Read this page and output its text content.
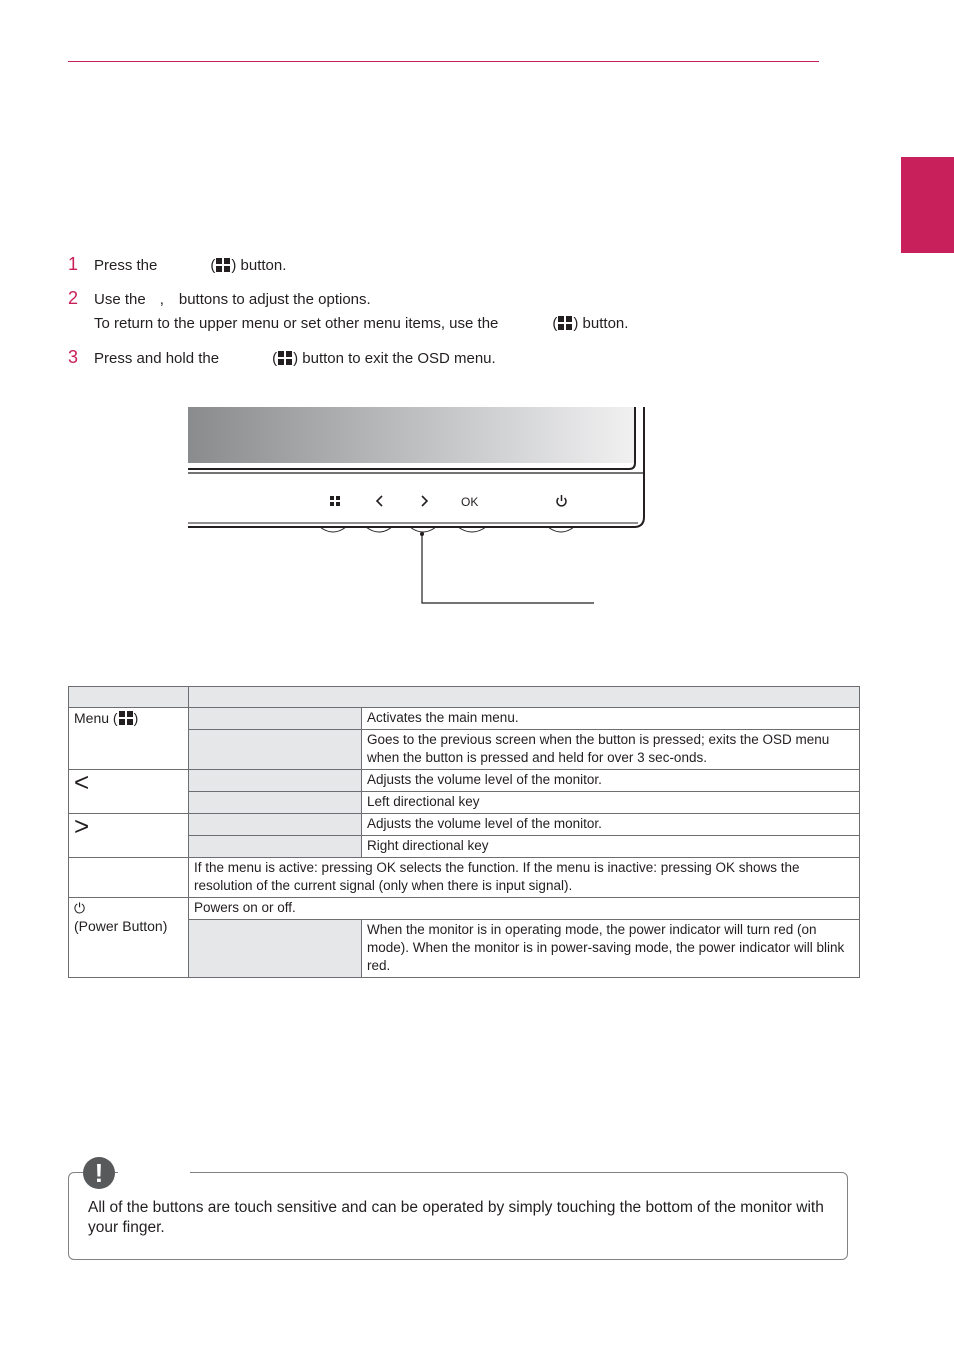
1 Press the	( ) button.
2 Use the , buttons to adjust the options.
To return to the upper menu or set other menu items, use the	( ) button.
3 Press and hold the	( ) button to exit the OSD menu.
OK

Menu ( )		Activates the main menu.
		Goes to the previous screen when the button is pressed; exits the OSD menu when the button is pressed and held for over 3 sec-onds.

<		Adjusts the volume level of the monitor.
		Left directional key

>		Adjusts the volume level of the monitor.
		Right directional key
	If the menu is active: pressing OK selects the function. If the menu is inactive: pressing OK shows the resolution of the current signal (only when there is input signal).	
⏻
(Power Button)	Powers on or off.	
		When the monitor is in operating mode, the power indicator will turn red (on mode). When the monitor is in power-saving mode, the power indicator will blink red.
!
All of the buttons are touch sensitive and can be operated by simply touching the bottom of the monitor with your finger.
